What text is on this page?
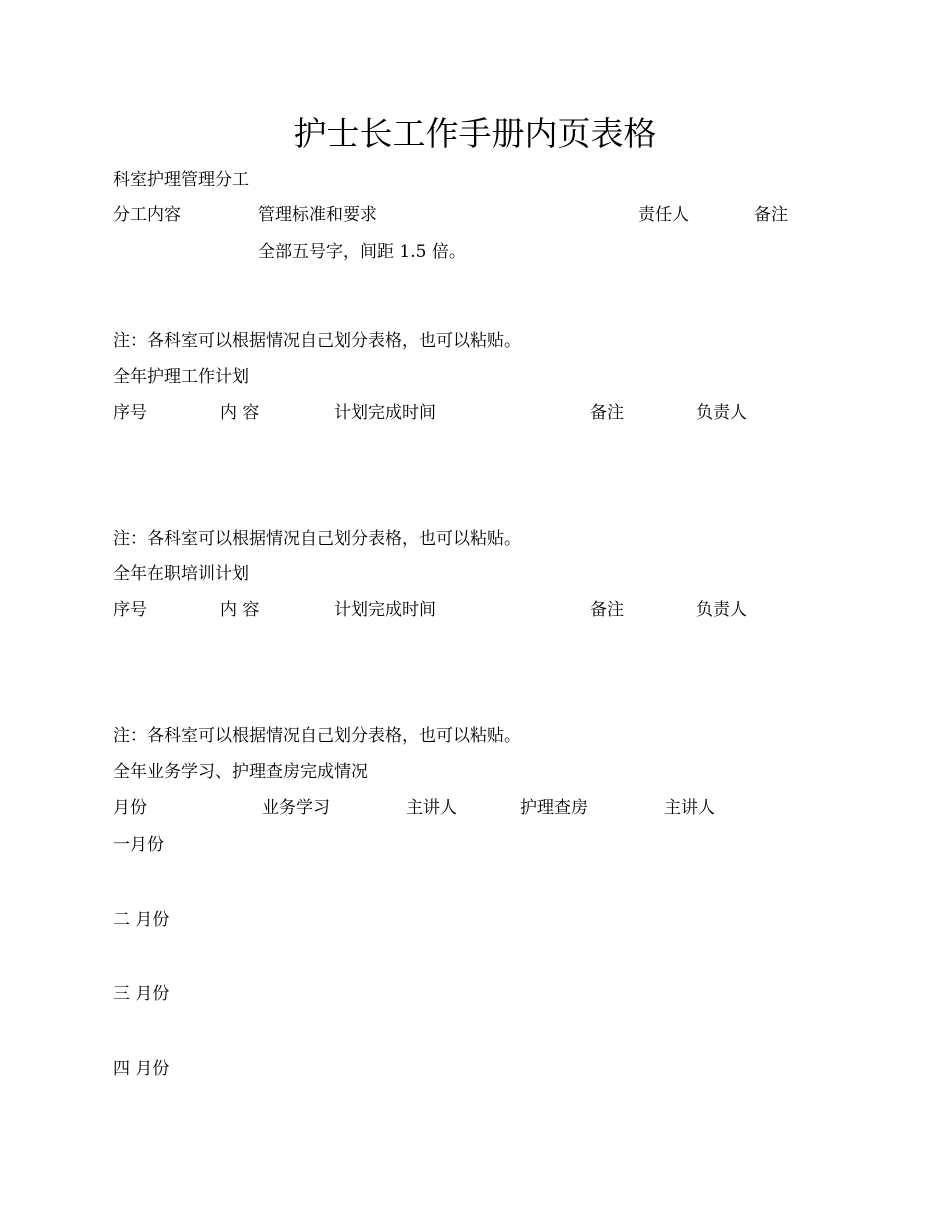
护士长工作手册内页表格

科室护理管理分工

分工内容	管理标准和要求	责任人	备注

全部五号字，间距 1.5 倍。

注：各科室可以根据情况自己划分表格，也可以粘贴。

全年护理工作计划

序号	内 容	计划完成时间	备注	负责人

注：各科室可以根据情况自己划分表格，也可以粘贴。

全年在职培训计划

序号	内 容	计划完成时间	备注	负责人

注：各科室可以根据情况自己划分表格，也可以粘贴。

全年业务学习、护理查房完成情况

月份	业务学习	主讲人	护理查房	主讲人

一月份

二 月份

三 月份

四 月份
